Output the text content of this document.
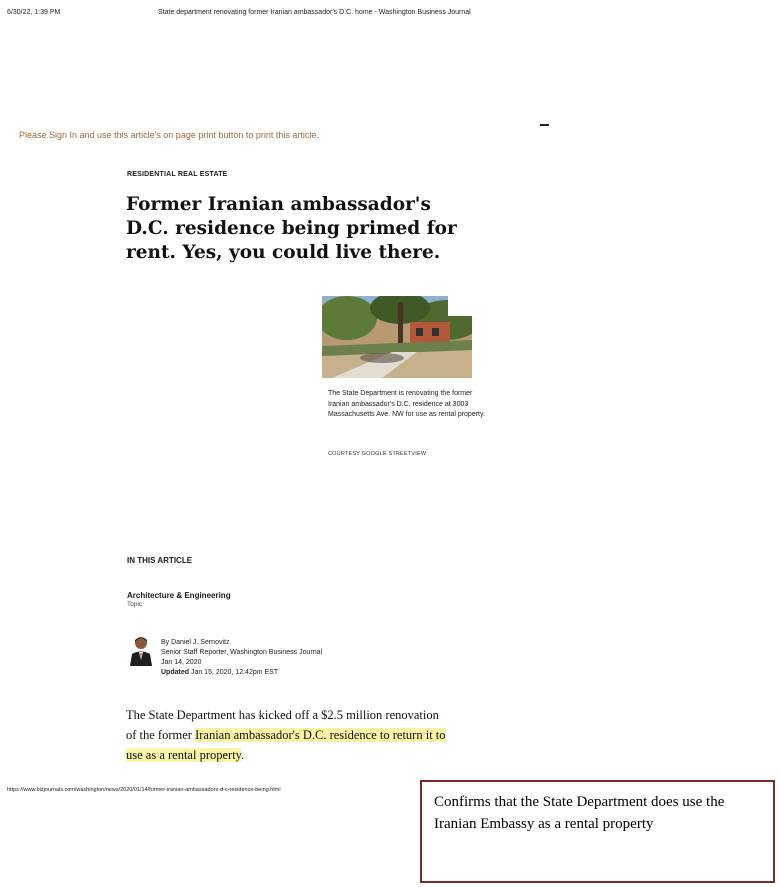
6/30/22, 1:39 PM	State department renovating former Iranian ambassador's D.C. home - Washington Business Journal
Please Sign In and use this article's on page print button to print this article.
RESIDENTIAL REAL ESTATE
Former Iranian ambassador's D.C. residence being primed for rent. Yes, you could live there.
The State Department is renovating the former Iranian ambassador's D.C. residence at 3003 Massachusetts Ave. NW for use as rental property.
COURTESY GOOGLE STREETVIEW
IN THIS ARTICLE
Architecture & Engineering
Topic
By Daniel J. Sernovitz
Senior Staff Reporter, Washington Business Journal
Jan 14, 2020
Updated Jan 15, 2020, 12:42pm EST

The State Department has kicked off a $2.5 million renovation of the former Iranian ambassador's D.C. residence to return it to use as a rental property.

https://www.bizjournals.com/washington/news/2020/01/14/former-iranian-ambassadors-d-c-residence-being.html
Confirms that the State Department does use the Iranian Embassy as a rental property
